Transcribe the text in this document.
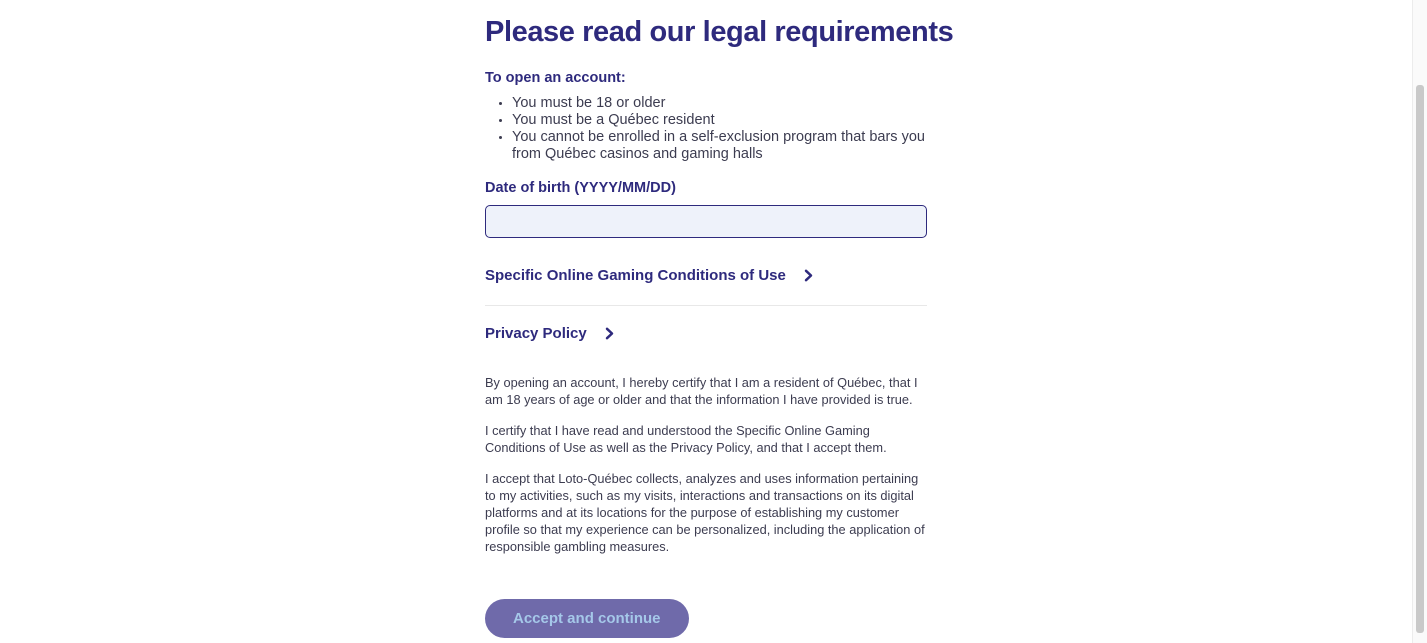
Please read our legal requirements
To open an account:
• You must be 18 or older
• You must be a Québec resident
• You cannot be enrolled in a self-exclusion program that bars you from Québec casinos and gaming halls
Date of birth (YYYY/MM/DD)
Specific Online Gaming Conditions of Use
Privacy Policy

By opening an account, I hereby certify that I am a resident of Québec, that I am 18 years of age or older and that the information I have provided is true.

I certify that I have read and understood the Specific Online Gaming Conditions of Use as well as the Privacy Policy, and that I accept them.

I accept that Loto-Québec collects, analyzes and uses information pertaining to my activities, such as my visits, interactions and transactions on its digital platforms and at its locations for the purpose of establishing my customer profile so that my experience can be personalized, including the application of responsible gambling measures.

Accept and continue
